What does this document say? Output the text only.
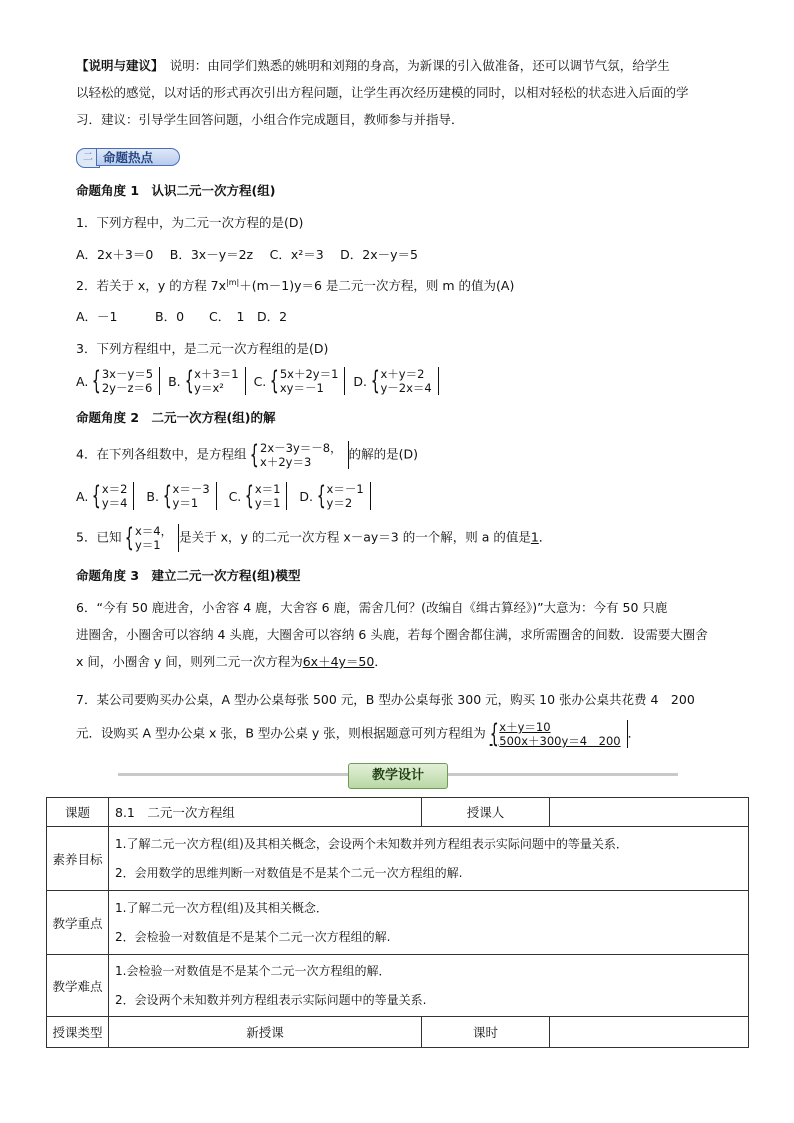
【说明与建议】　 说明：由同学们熟悉的姚明和刘翔的身高，为新课的引入做准备，还可以调节气氛，给学生
以轻松的感觉，以对话的形式再次引出方程问题，让学生再次经历建模的同时，以相对轻松的状态进入后面的学
习．建议：引导学生回答问题，小组合作完成题目，教师参与并指导．
二 命题热点
命题角度 1　认识二元一次方程(组)
1．下列方程中，为二元一次方程的是(D)
A．2x＋3＝0　 B．3x－y＝2z　 C．x²＝3　 D．2x－y＝5
2．若关于 x，y 的方程 $7x^{|m|}+(m-1)y=6$ 是二元一次方程，则 m 的值为(A)
A．－1　　　B．0　　C．　1　D．2
3．下列方程组中，是二元一次方程组的是(D)
A. { 3x－y＝5
2y－z＝6
B. { x＋3＝1
y＝x²
	C. { 5x＋2y＝1
xy＝－1
	D. { x＋y＝2
y－2x＝4
命题角度 2　二元一次方程(组)的解
4．在下列各组数中，是方程组 { 2x－3y＝－8，
x＋2y＝3
的解的是(D)
A. { x＝2
y＝4
B. { x＝－3
y＝1
	C. { x＝1
y＝1
D. { x＝－1
y＝2
5．已知 { x＝4，
y＝1
是关于 x，y 的二元一次方程 x－ay＝3 的一个解，则 a 的值是1．
命题角度 3　建立二元一次方程(组)模型
6．“今有 50 鹿进舍，小舍容 4 鹿，大舍容 6 鹿，需舍几何？(改编自《缉古算经》)”大意为：今有 50 只鹿
进圈舍，小圈舍可以容纳 4 头鹿，大圈舍可以容纳 6 头鹿，若每个圈舍都住满，求所需圈舍的间数．设需要大圈舍
x 间，小圈舍 y 间，则列二元一次方程为6x＋4y＝50．
7．某公司要购买办公桌，A 型办公桌每张 500 元，B 型办公桌每张 300 元，购买 10 张办公桌共花费 4　200
元．设购买 A 型办公桌 x 张，B 型办公桌 y 张，则根据题意可列方程组为 { x＋y＝10
500x＋300y＝4　200
．
教学设计
课题	8.1　二元一次方程组	授课人	
素养目标	1.了解二元一次方程(组)及其相关概念，会设两个未知数并列方程组表示实际问题中的等量关系．
2．会用数学的思维判断一对数值是不是某个二元一次方程组的解.		

教学重点	1.了解二元一次方程(组)及其相关概念．
2．会检验一对数值是不是某个二元一次方程组的解.		

教学难点	1.会检验一对数值是不是某个二元一次方程组的解．
2．会设两个未知数并列方程组表示实际问题中的等量关系.		

授课类型	新授课	课时	
